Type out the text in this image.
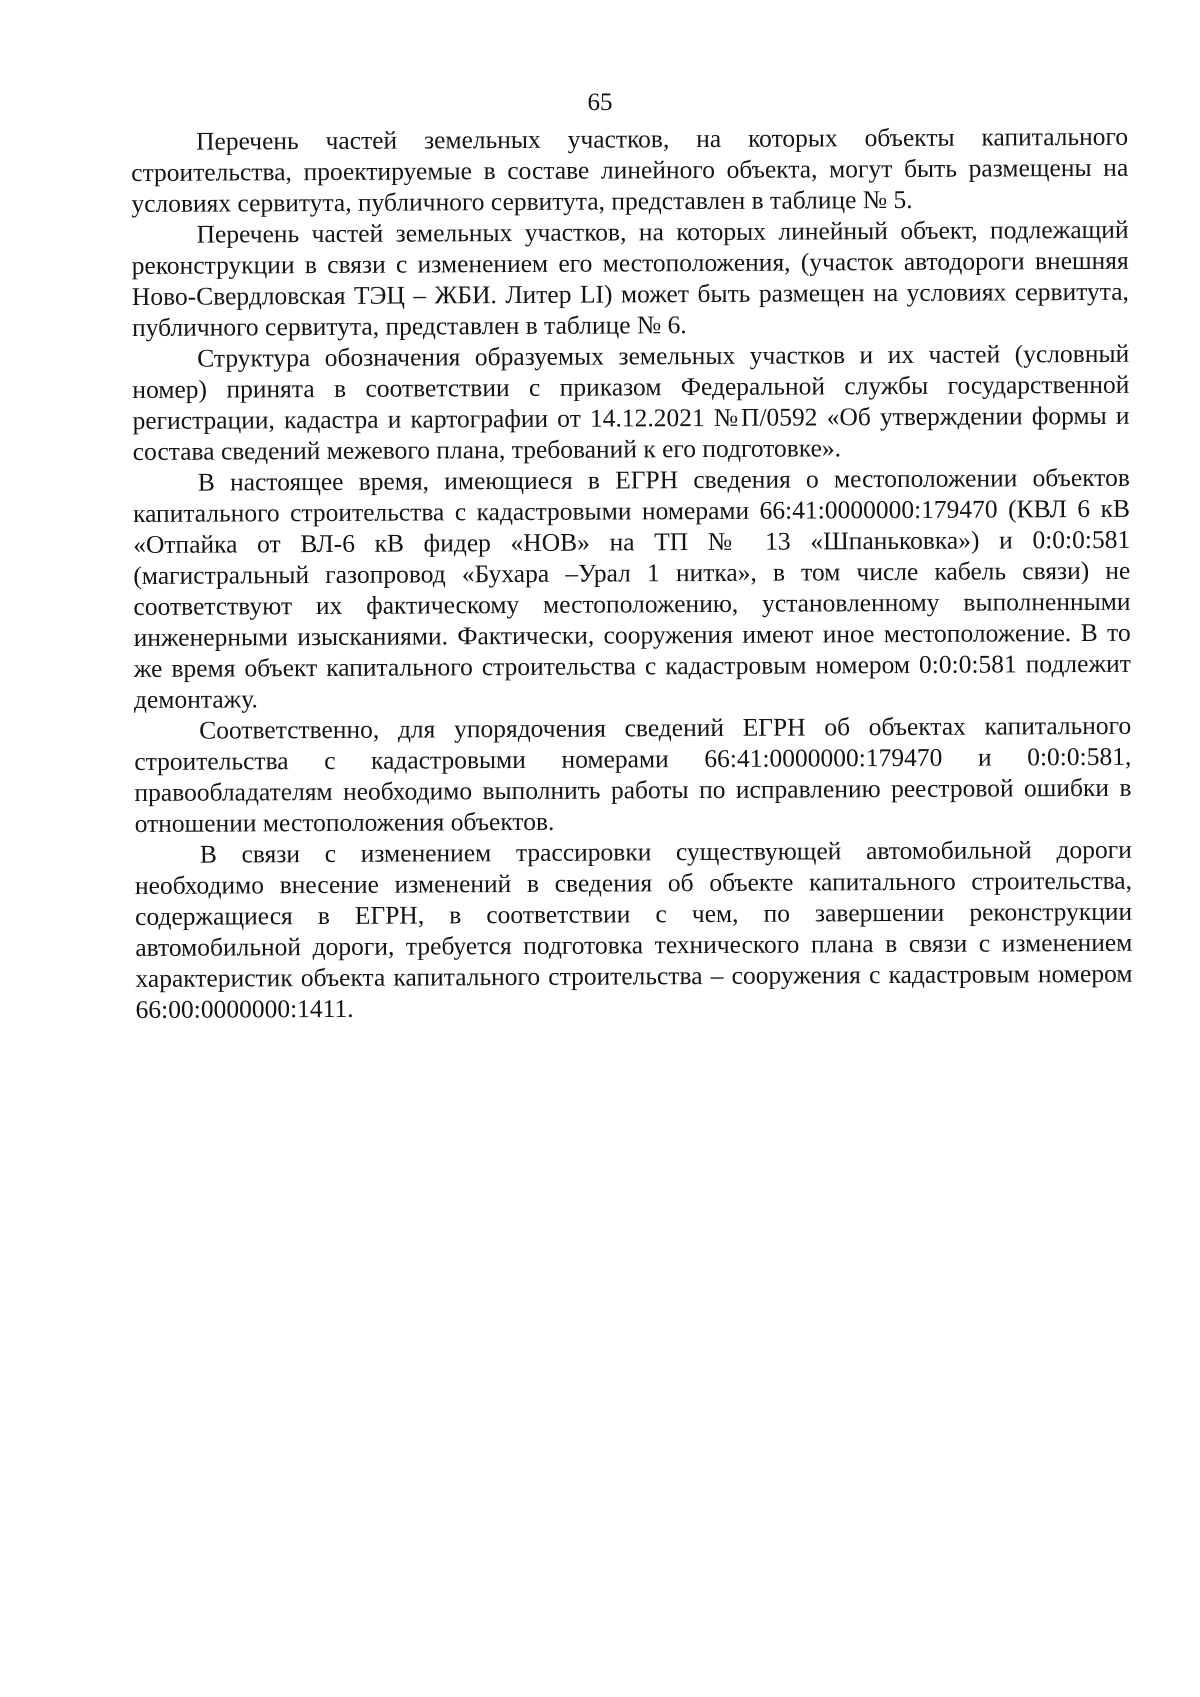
65

Перечень частей земельных участков, на которых объекты капитального строительства, проектируемые в составе линейного объекта, могут быть размещены на условиях сервитута, публичного сервитута, представлен в таблице № 5.

Перечень частей земельных участков, на которых линейный объект, подлежащий реконструкции в связи с изменением его местоположения, (участок автодороги внешняя Ново-Свердловская ТЭЦ – ЖБИ. Литер LI) может быть размещен на условиях сервитута, публичного сервитута, представлен в таблице № 6.

Структура обозначения образуемых земельных участков и их частей (условный номер) принята в соответствии с приказом Федеральной службы государственной регистрации, кадастра и картографии от 14.12.2021 №П/0592 «Об утверждении формы и состава сведений межевого плана, требований к его подготовке».

В настоящее время, имеющиеся в ЕГРН сведения о местоположении объектов капитального строительства с кадастровыми номерами 66:41:0000000:179470 (КВЛ 6 кВ «Отпайка от ВЛ-6 кВ фидер «НОВ» на ТП № 13 «Шпаньковка») и 0:0:0:581 (магистральный газопровод «Бухара –Урал 1 нитка», в том числе кабель связи) не соответствуют их фактическому местоположению, установленному выполненными инженерными изысканиями. Фактически, сооружения имеют иное местоположение. В то же время объект капитального строительства с кадастровым номером 0:0:0:581 подлежит демонтажу.

Соответственно, для упорядочения сведений ЕГРН об объектах капитального строительства с кадастровыми номерами 66:41:0000000:179470 и 0:0:0:581, правообладателям необходимо выполнить работы по исправлению реестровой ошибки в отношении местоположения объектов.

В связи с изменением трассировки существующей автомобильной дороги необходимо внесение изменений в сведения об объекте капитального строительства, содержащиеся в ЕГРН, в соответствии с чем, по завершении реконструкции автомобильной дороги, требуется подготовка технического плана в связи с изменением характеристик объекта капитального строительства – сооружения с кадастровым номером 66:00:0000000:1411.
